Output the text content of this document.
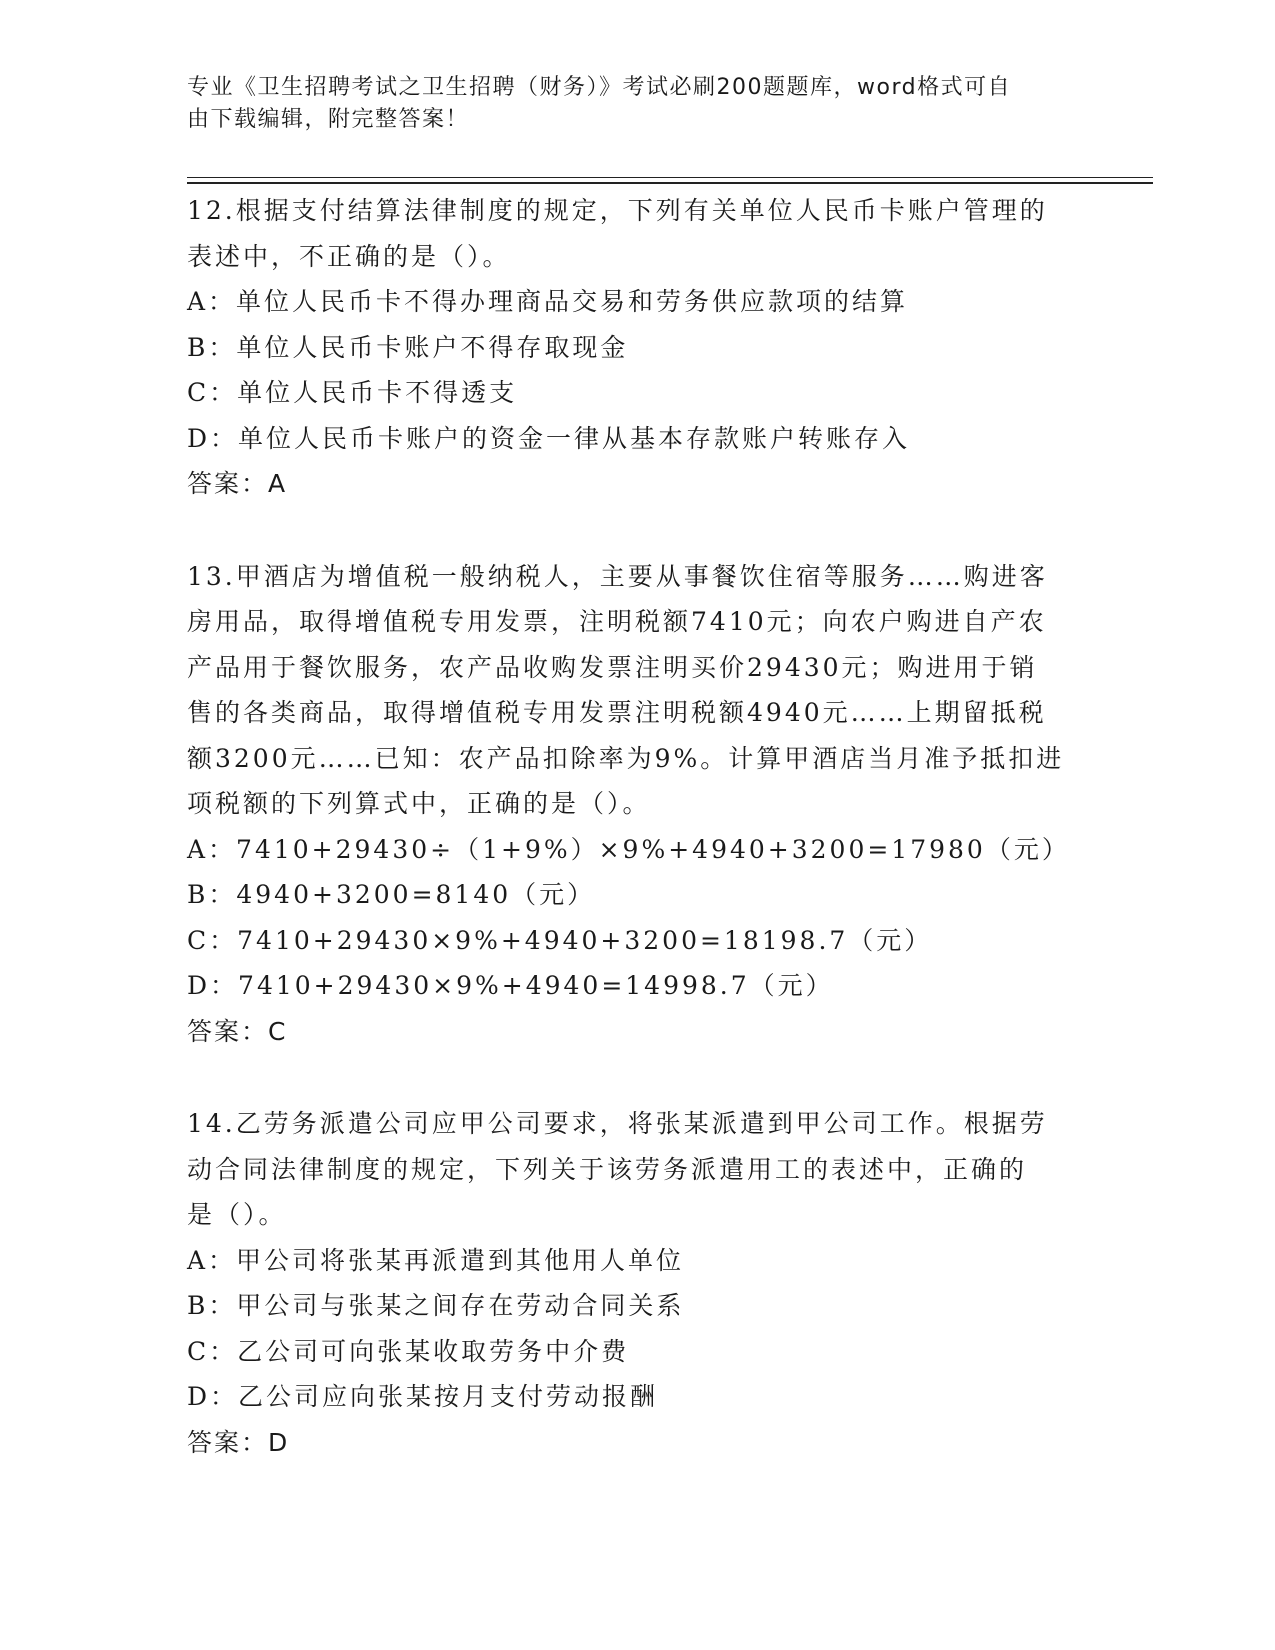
专业《卫生招聘考试之卫生招聘（财务）》考试必刷200题题库，word格式可自
由下载编辑，附完整答案！
12.根据支付结算法律制度的规定，下列有关单位人民币卡账户管理的
表述中，不正确的是（）。
A：单位人民币卡不得办理商品交易和劳务供应款项的结算
B：单位人民币卡账户不得存取现金
C：单位人民币卡不得透支
D：单位人民币卡账户的资金一律从基本存款账户转账存入
答案：A
13.甲酒店为增值税一般纳税人，主要从事餐饮住宿等服务……购进客
房用品，取得增值税专用发票，注明税额7410元；向农户购进自产农
产品用于餐饮服务，农产品收购发票注明买价29430元；购进用于销
售的各类商品，取得增值税专用发票注明税额4940元……上期留抵税
额3200元……已知：农产品扣除率为9%。计算甲酒店当月准予抵扣进
项税额的下列算式中，正确的是（）。
A：7410+29430÷（1+9%）×9%+4940+3200=17980（元）
B：4940+3200=8140（元）
C：7410+29430×9%+4940+3200=18198.7（元）
D：7410+29430×9%+4940=14998.7（元）
答案：C
14.乙劳务派遣公司应甲公司要求，将张某派遣到甲公司工作。根据劳
动合同法律制度的规定，下列关于该劳务派遣用工的表述中，正确的
是（）。
A：甲公司将张某再派遣到其他用人单位
B：甲公司与张某之间存在劳动合同关系
C：乙公司可向张某收取劳务中介费
D：乙公司应向张某按月支付劳动报酬
答案：D
